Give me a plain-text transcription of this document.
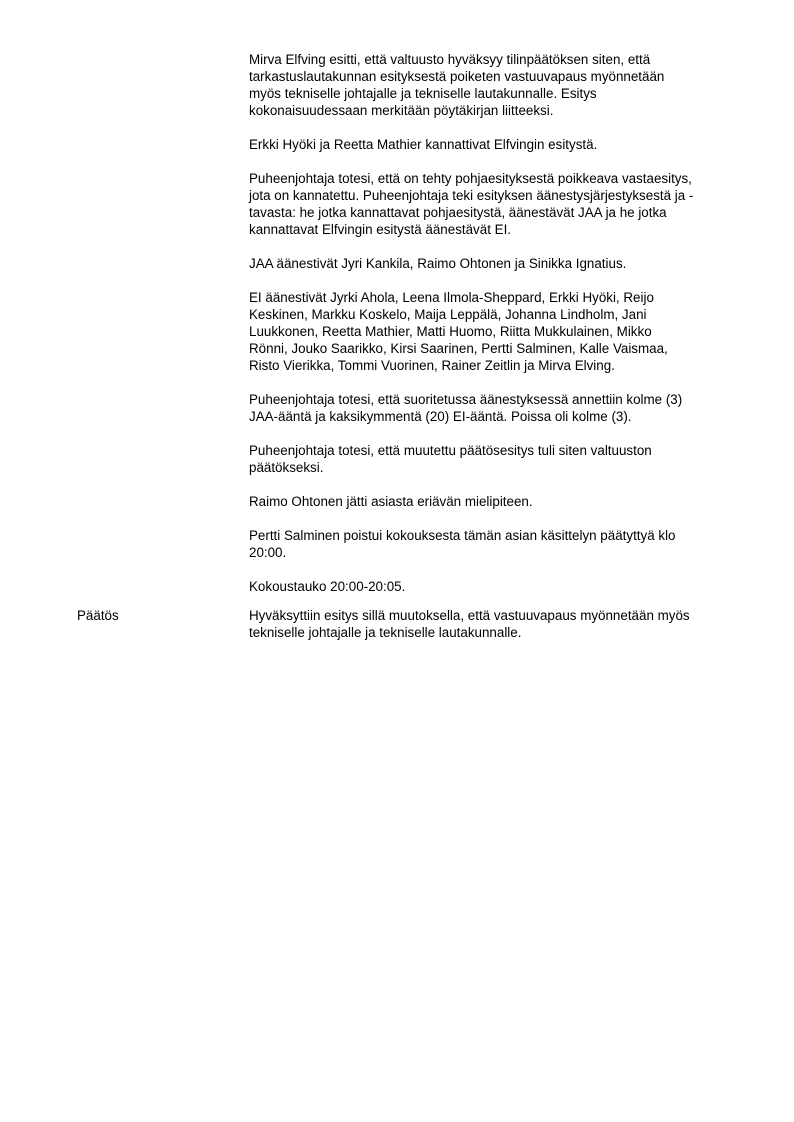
Mirva Elfving esitti, että valtuusto hyväksyy tilinpäätöksen siten, että
tarkastuslautakunnan esityksestä poiketen vastuuvapaus myönnetään
myös tekniselle johtajalle ja tekniselle lautakunnalle. Esitys
kokonaisuudessaan merkitään pöytäkirjan liitteeksi.

Erkki Hyöki ja Reetta Mathier kannattivat Elfvingin esitystä.

Puheenjohtaja totesi, että on tehty pohjaesityksestä poikkeava vastaesitys,
jota on kannatettu. Puheenjohtaja teki esityksen äänestysjärjestyksestä ja -
tavasta: he jotka kannattavat pohjaesitystä, äänestävät JAA ja he jotka
kannattavat Elfvingin esitystä äänestävät EI.

JAA äänestivät Jyri Kankila, Raimo Ohtonen ja Sinikka Ignatius.

EI äänestivät Jyrki Ahola, Leena Ilmola-Sheppard, Erkki Hyöki, Reijo
Keskinen, Markku Koskelo, Maija Leppälä, Johanna Lindholm, Jani
Luukkonen, Reetta Mathier, Matti Huomo, Riitta Mukkulainen, Mikko
Rönni, Jouko Saarikko, Kirsi Saarinen, Pertti Salminen, Kalle Vaismaa,
Risto Vierikka, Tommi Vuorinen, Rainer Zeitlin ja Mirva Elving.

Puheenjohtaja totesi, että suoritetussa äänestyksessä annettiin kolme (3)
JAA-ääntä ja kaksikymmentä (20) EI-ääntä. Poissa oli kolme (3).

Puheenjohtaja totesi, että muutettu päätösesitys tuli siten valtuuston
päätökseksi.

Raimo Ohtonen jätti asiasta eriävän mielipiteen.

Pertti Salminen poistui kokouksesta tämän asian käsittelyn päätyttyä klo
20:00.

Kokoustauko 20:00-20:05.

Päätös	Hyväksyttiin esitys sillä muutoksella, että vastuuvapaus myönnetään myös
tekniselle johtajalle ja tekniselle lautakunnalle.
